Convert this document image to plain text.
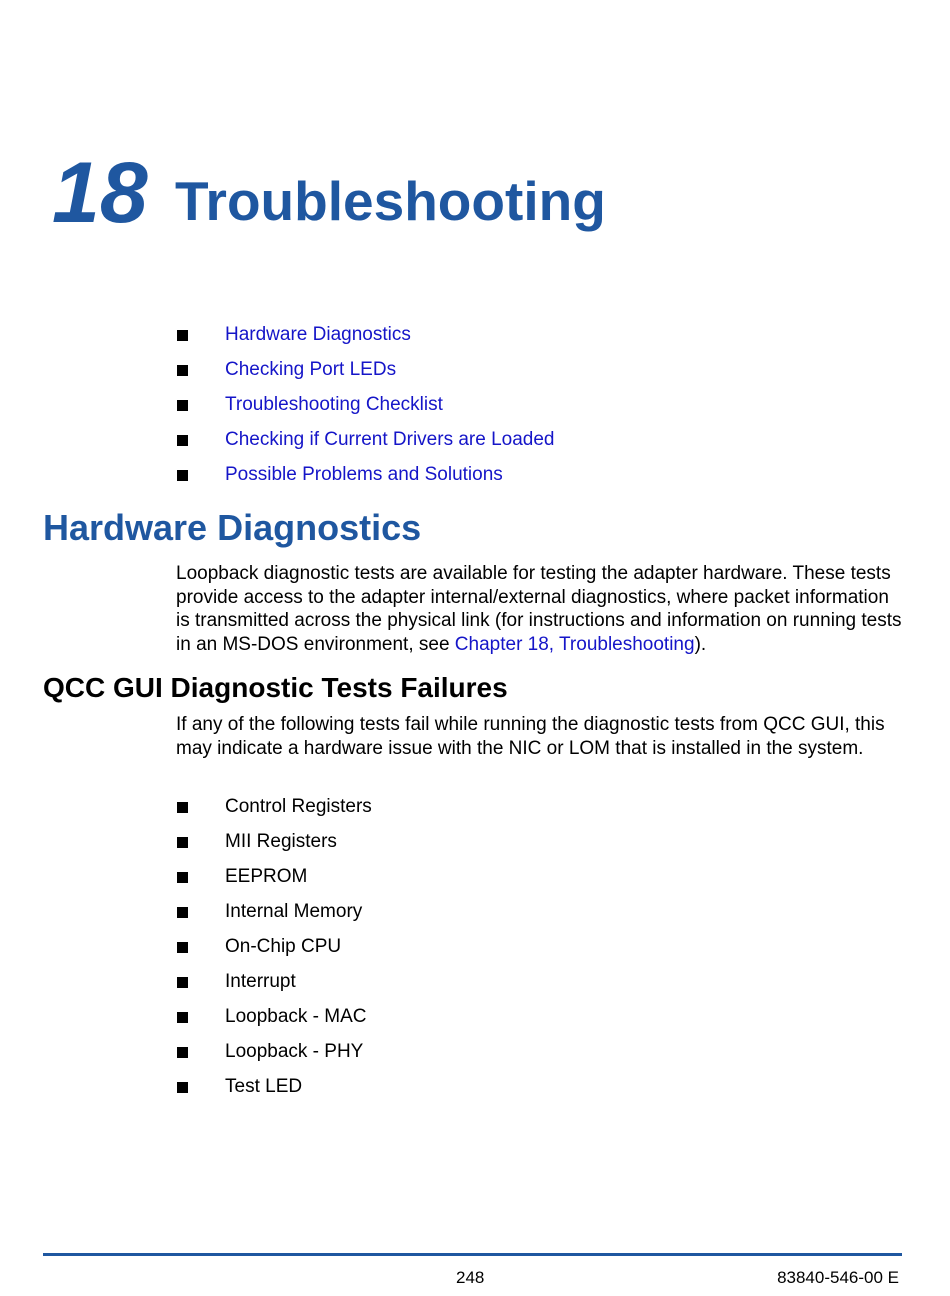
18 Troubleshooting
Hardware Diagnostics
Checking Port LEDs
Troubleshooting Checklist
Checking if Current Drivers are Loaded
Possible Problems and Solutions
Hardware Diagnostics

Loopback diagnostic tests are available for testing the adapter hardware. These tests provide access to the adapter internal/external diagnostics, where packet information is transmitted across the physical link (for instructions and information on running tests in an MS-DOS environment, see Chapter 18, Troubleshooting).

QCC GUI Diagnostic Tests Failures

If any of the following tests fail while running the diagnostic tests from QCC GUI, this may indicate a hardware issue with the NIC or LOM that is installed in the system.

Control Registers
MII Registers
EEPROM
Internal Memory
On-Chip CPU
Interrupt
Loopback - MAC
Loopback - PHY
Test LED
248	83840-546-00 E
